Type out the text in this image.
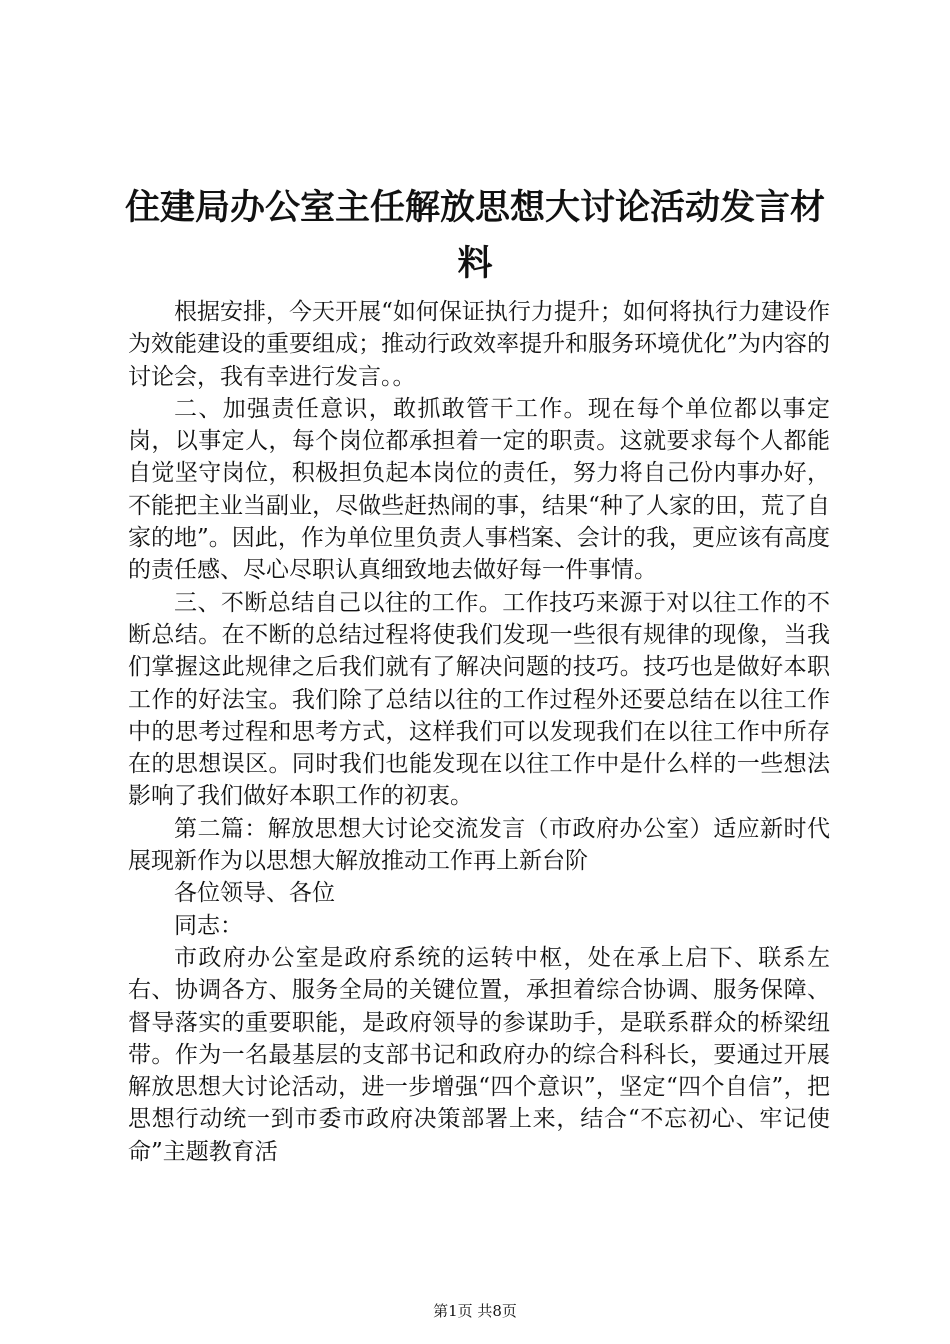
住建局办公室主任解放思想大讨论活动发言材料

根据安排，今天开展“如何保证执行力提升；如何将执行力建设作为效能建设的重要组成；推动行政效率提升和服务环境优化”为内容的讨论会，我有幸进行发言。。

二、加强责任意识，敢抓敢管干工作。现在每个单位都以事定岗，以事定人，每个岗位都承担着一定的职责。这就要求每个人都能自觉坚守岗位，积极担负起本岗位的责任，努力将自己份内事办好，不能把主业当副业，尽做些赶热闹的事，结果“种了人家的田，荒了自家的地”。因此，作为单位里负责人事档案、会计的我，更应该有高度的责任感、尽心尽职认真细致地去做好每一件事情。

三、不断总结自己以往的工作。工作技巧来源于对以往工作的不断总结。在不断的总结过程将使我们发现一些很有规律的现像，当我们掌握这此规律之后我们就有了解决问题的技巧。技巧也是做好本职工作的好法宝。我们除了总结以往的工作过程外还要总结在以往工作中的思考过程和思考方式，这样我们可以发现我们在以往工作中所存在的思想误区。同时我们也能发现在以往工作中是什么样的一些想法影响了我们做好本职工作的初衷。

第二篇：解放思想大讨论交流发言（市政府办公室）适应新时代展现新作为以思想大解放推动工作再上新台阶

各位领导、各位

同志：

市政府办公室是政府系统的运转中枢，处在承上启下、联系左右、协调各方、服务全局的关键位置，承担着综合协调、服务保障、督导落实的重要职能，是政府领导的参谋助手，是联系群众的桥梁纽带。作为一名最基层的支部书记和政府办的综合科科长，要通过开展解放思想大讨论活动，进一步增强“四个意识”，坚定“四个自信”，把思想行动统一到市委市政府决策部署上来，结合“不忘初心、牢记使命”主题教育活

第1页 共8页
